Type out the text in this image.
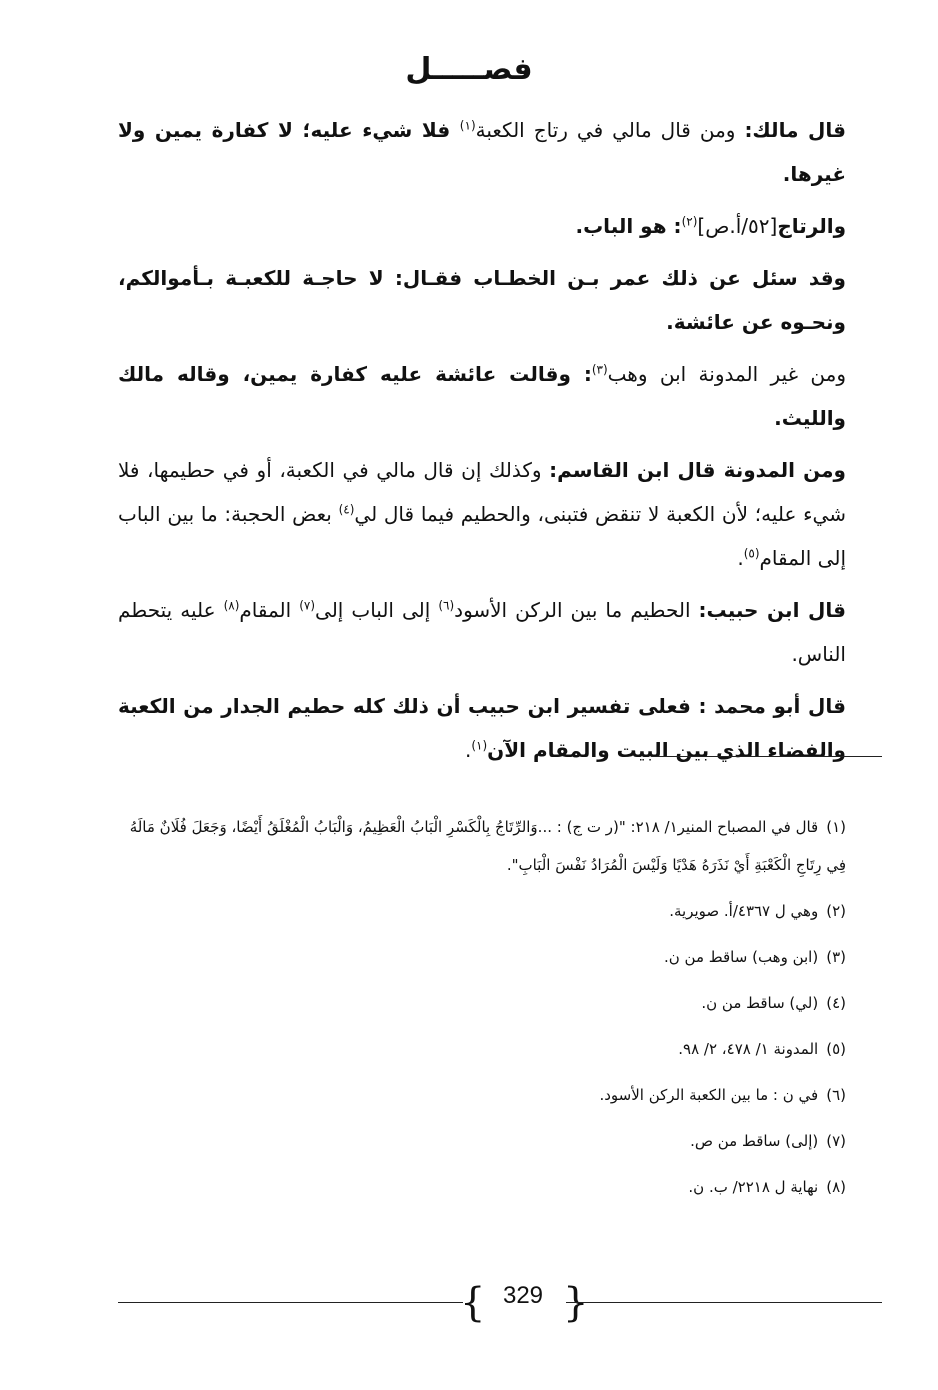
فصـــــل

قال مالك: ومن قال مالي في رتاج الكعبة$^{(١)}$ فلا شيء عليه؛ لا كفارة يمين ولا غيرها.

والرتاج[٥٢/أ.ص]$^{(٢)}$: هو الباب.

وقد سئل عن ذلك عمر بـن الخطـاب فقـال: لا حاجـة للكعبـة بـأموالكم، ونحـوه عن عائشة.

ومن غير المدونة ابن وهب$^{(٣)}$: وقالت عائشة عليه كفارة يمين، وقاله مالك والليث.

ومن المدونة قال ابن القاسم: وكذلك إن قال مالي في الكعبة، أو في حطيمها، فلا شيء عليه؛ لأن الكعبة لا تنقض فتبنى، والحطيم فيما قال لي$^{(٤)}$ بعض الحجبة: ما بين الباب إلى المقام$^{(٥)}$.

قال ابن حبيب: الحطيم ما بين الركن الأسود$^{(٦)}$ إلى الباب إلى$^{(٧)}$ المقام$^{(٨)}$ عليه يتحطم الناس.

قال أبو محمد : فعلى تفسير ابن حبيب أن ذلك كله حطيم الجدار من الكعبة والفضاء الذي بين البيت والمقام الآن$^{(١)}$.

(١)قال في المصباح المنير١/ ٢١٨: "(ر ت ج) : ...وَالرِّتَاجُ بِالْكَسْرِ الْبَابُ الْعَظِيمُ، وَالْبَابُ الْمُغْلَقُ أَيْضًا، وَجَعَلَ فُلَانٌ مَالَهُ فِي رِتَاجِ الْكَعْبَةِ أَيْ نَذَرَهُ هَدْيًا وَلَيْسَ الْمُرَادُ نَفْسَ الْبَابِ".
(٢)وهي ل ٤٣٦٧/أ. صويرية.
(٣)(ابن وهب) ساقط من ن.
(٤)(لي) ساقط من ن.
(٥)المدونة ١/ ٤٧٨، ٢/ ٩٨.
(٦)في ن : ما بين الكعبة الركن الأسود.
(٧)(إلى) ساقط من ص.
(٨)نهاية ل ٢٢١٨/ ب. ن.
{ 329 }
